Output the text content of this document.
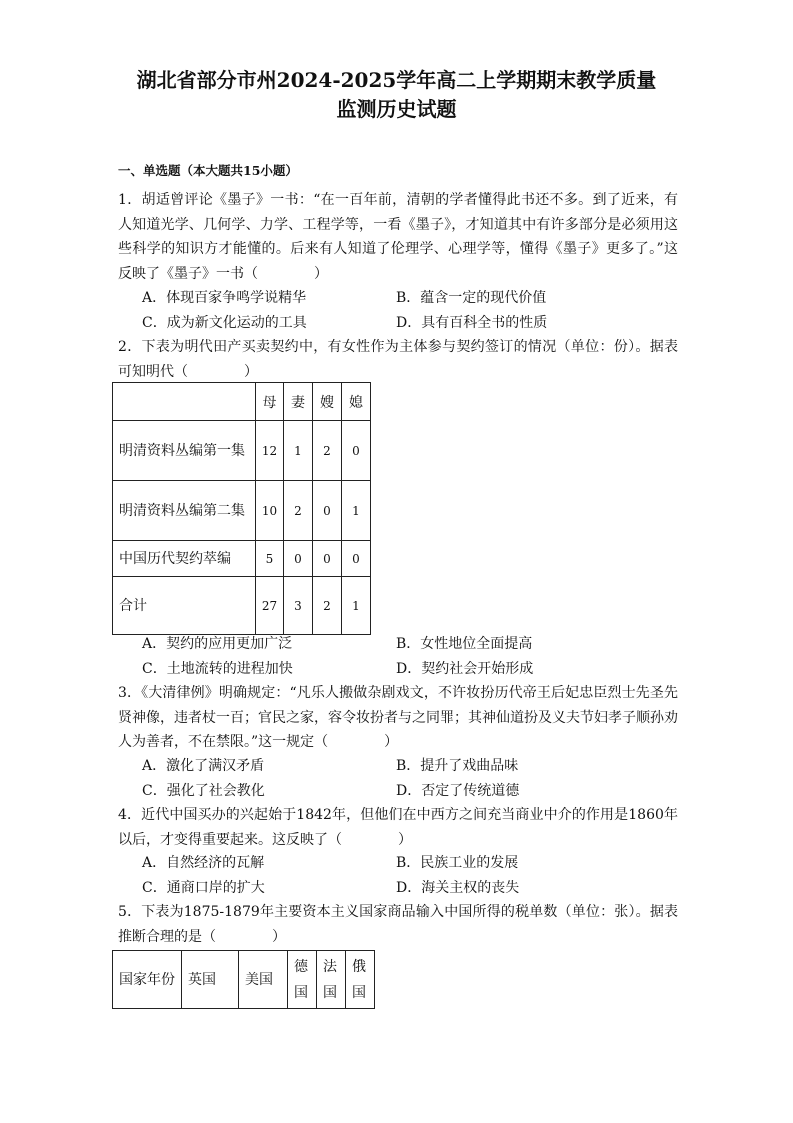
湖北省部分市州2024-2025学年高二上学期期末教学质量
监测历史试题
一、单选题（本大题共15小题）
1．胡适曾评论《墨子》一书：“在一百年前，清朝的学者懂得此书还不多。到了近来，有人知道光学、几何学、力学、工程学等，一看《墨子》，才知道其中有许多部分是必须用这些科学的知识方才能懂的。后来有人知道了伦理学、心理学等，懂得《墨子》更多了。”这反映了《墨子》一书（　　　　）
A．体现百家争鸣学说精华	B．蕴含一定的现代价值
C．成为新文化运动的工具	D．具有百科全书的性质
2．下表为明代田产买卖契约中，有女性作为主体参与契约签订的情况（单位：份）。据表可知明代（　　　　）
	母	妻	嫂	媳
明清资料丛编第一集	12	1	2	0
明清资料丛编第二集	10	2	0	1
中国历代契约萃编	5	0	0	0
合计	27	3	2	1
A．契约的应用更加广泛	B．女性地位全面提高
C．土地流转的进程加快	D．契约社会开始形成
3．《大清律例》明确规定：“凡乐人搬做杂剧戏文，不许妆扮历代帝王后妃忠臣烈士先圣先贤神像，违者杖一百；官民之家，容令妆扮者与之同罪；其神仙道扮及义夫节妇孝子顺孙劝人为善者，不在禁限。”这一规定（　　　　）
A．激化了满汉矛盾	B．提升了戏曲品味
C．强化了社会教化	D．否定了传统道德
4．近代中国买办的兴起始于1842年，但他们在中西方之间充当商业中介的作用是1860年以后，才变得重要起来。这反映了（　　　　）
A．自然经济的瓦解	B．民族工业的发展
C．通商口岸的扩大	D．海关主权的丧失
5．下表为1875-1879年主要资本主义国家商品输入中国所得的税单数（单位：张）。据表推断合理的是（　　　　）
国家年份	英国	美国	德国	法国	俄国
